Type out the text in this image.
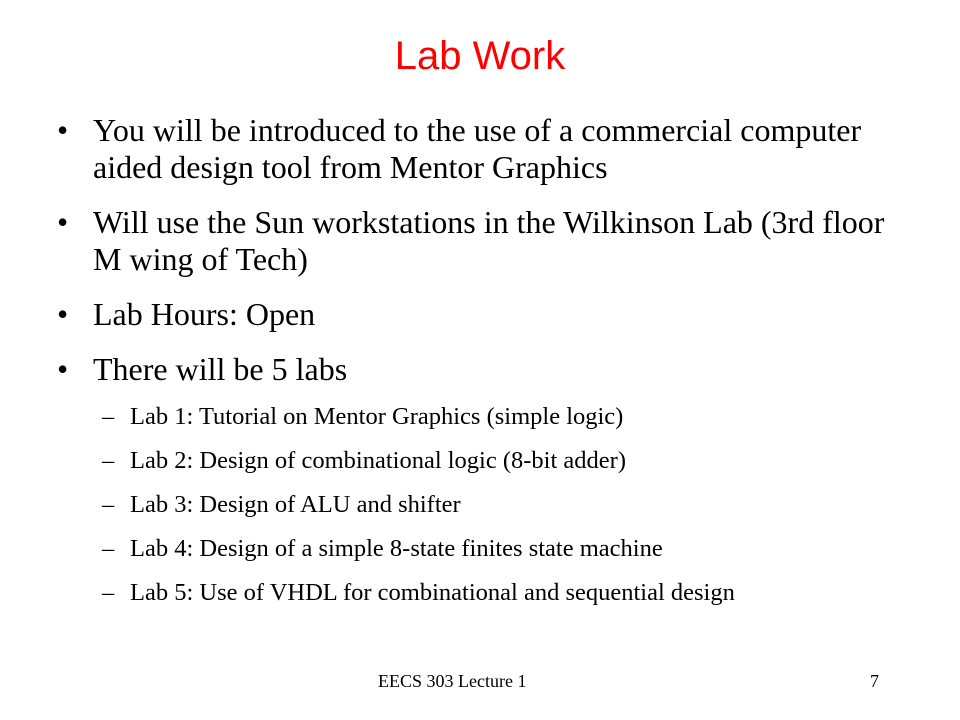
Lab Work
• You will be introduced to the use of a commercial computer aided design tool from Mentor Graphics
• Will use the Sun workstations in the Wilkinson Lab (3rd floor M wing of Tech)
• Lab Hours: Open
• There will be 5 labs
– Lab 1: Tutorial on Mentor Graphics (simple logic)
– Lab 2: Design of combinational logic (8-bit adder)
– Lab 3: Design of ALU and shifter
– Lab 4: Design of a simple 8-state finites state machine
– Lab 5: Use of VHDL for combinational and sequential design
EECS 303 Lecture 1	7
